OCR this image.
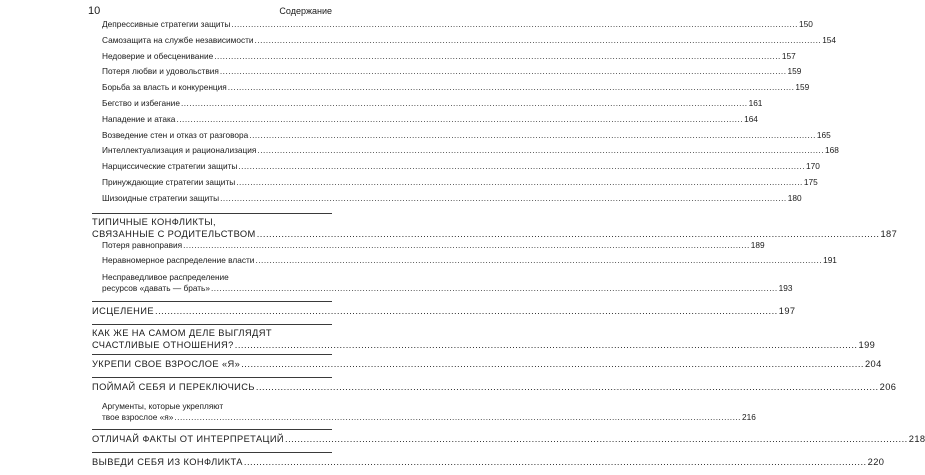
10	Содержание
Депрессивные стратегии защиты .......................................................................................................................................................................................................... 150
Самозащита на службе независимости .......................................................................................................................................................................................................... 154
Недоверие и обесценивание .......................................................................................................................................................................................................... 157
Потеря любви и удовольствия .......................................................................................................................................................................................................... 159
Борьба за власть и конкуренция .......................................................................................................................................................................................................... 159
Бегство и избегание .......................................................................................................................................................................................................... 161
Нападение и атака .......................................................................................................................................................................................................... 164
Возведение стен и отказ от разговора .......................................................................................................................................................................................................... 165
Интеллектуализация и рационализация .......................................................................................................................................................................................................... 168
Нарциссические стратегии защиты .......................................................................................................................................................................................................... 170
Принуждающие стратегии защиты .......................................................................................................................................................................................................... 175
Шизоидные стратегии защиты .......................................................................................................................................................................................................... 180
ТИПИЧНЫЕ КОНФЛИКТЫ,
СВЯЗАННЫЕ С РОДИТЕЛЬСТВОМ .......................................................................................................................................................................................................... 187
Потеря равноправия .......................................................................................................................................................................................................... 189
Неравномерное распределение власти .......................................................................................................................................................................................................... 191
Несправедливое распределение
ресурсов «давать — брать» .......................................................................................................................................................................................................... 193
ИСЦЕЛЕНИЕ .......................................................................................................................................................................................................... 197
КАК ЖЕ НА САМОМ ДЕЛЕ ВЫГЛЯДЯТ
СЧАСТЛИВЫЕ ОТНОШЕНИЯ? .......................................................................................................................................................................................................... 199
УКРЕПИ СВОЕ ВЗРОСЛОЕ «Я» .......................................................................................................................................................................................................... 204
ПОЙМАЙ СЕБЯ И ПЕРЕКЛЮЧИСЬ .......................................................................................................................................................................................................... 206
Аргументы, которые укрепляют
твое взрослое «я» .......................................................................................................................................................................................................... 216
ОТЛИЧАЙ ФАКТЫ ОТ ИНТЕРПРЕТАЦИЙ .......................................................................................................................................................................................................... 218
ВЫВЕДИ СЕБЯ ИЗ КОНФЛИКТА .......................................................................................................................................................................................................... 220
